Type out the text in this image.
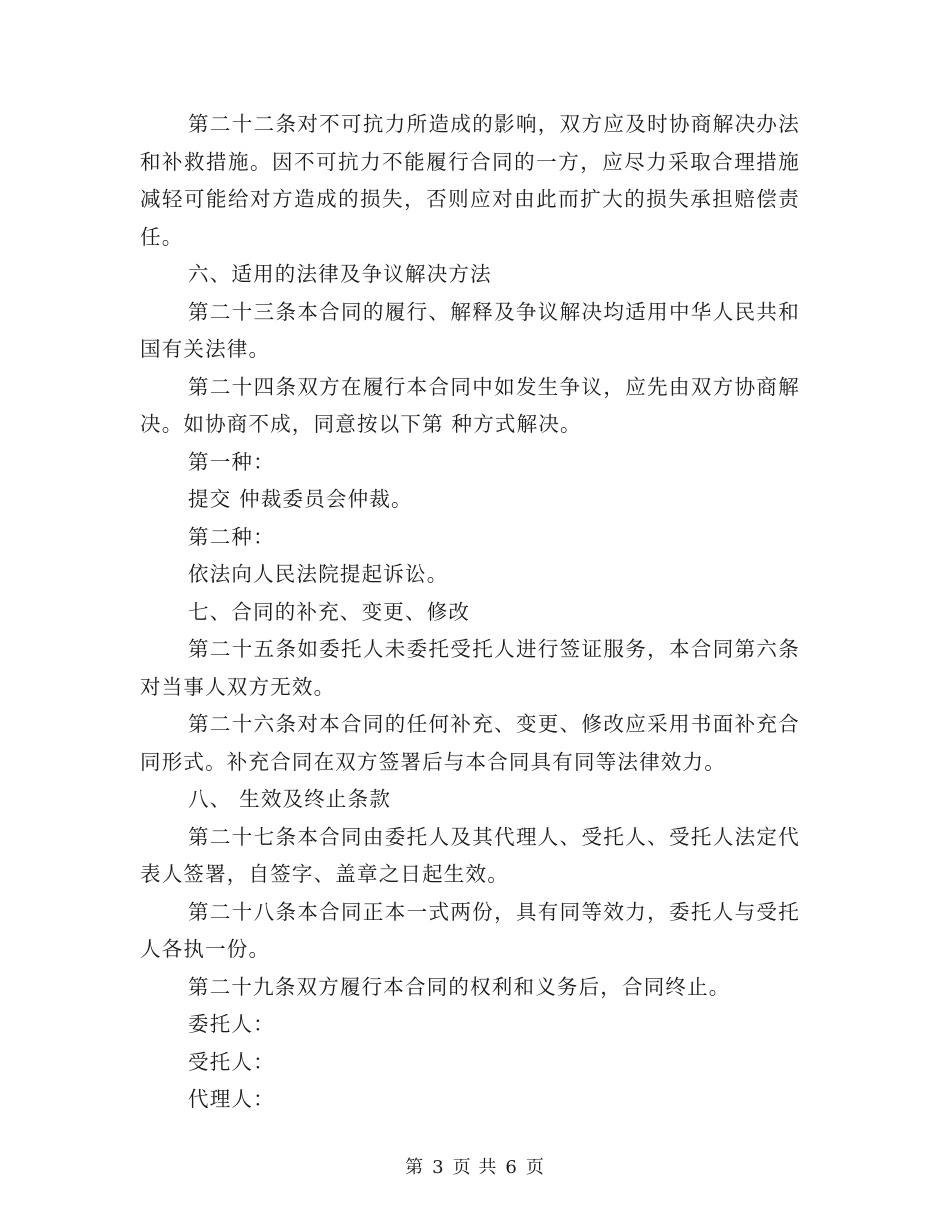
第二十二条对不可抗力所造成的影响，双方应及时协商解决办法和补救措施。因不可抗力不能履行合同的一方，应尽力采取合理措施减轻可能给对方造成的损失，否则应对由此而扩大的损失承担赔偿责任。

六、适用的法律及争议解决方法

第二十三条本合同的履行、解释及争议解决均适用中华人民共和国有关法律。

第二十四条双方在履行本合同中如发生争议，应先由双方协商解决。如协商不成，同意按以下第 种方式解决。

第一种：

提交 仲裁委员会仲裁。

第二种：

依法向人民法院提起诉讼。

七、合同的补充、变更、修改

第二十五条如委托人未委托受托人进行签证服务，本合同第六条对当事人双方无效。

第二十六条对本合同的任何补充、变更、修改应采用书面补充合同形式。补充合同在双方签署后与本合同具有同等法律效力。

八、 生效及终止条款

第二十七条本合同由委托人及其代理人、受托人、受托人法定代表人签署，自签字、盖章之日起生效。

第二十八条本合同正本一式两份，具有同等效力，委托人与受托人各执一份。

第二十九条双方履行本合同的权利和义务后，合同终止。

委托人：

受托人：

代理人：

第 3 页 共 6 页
